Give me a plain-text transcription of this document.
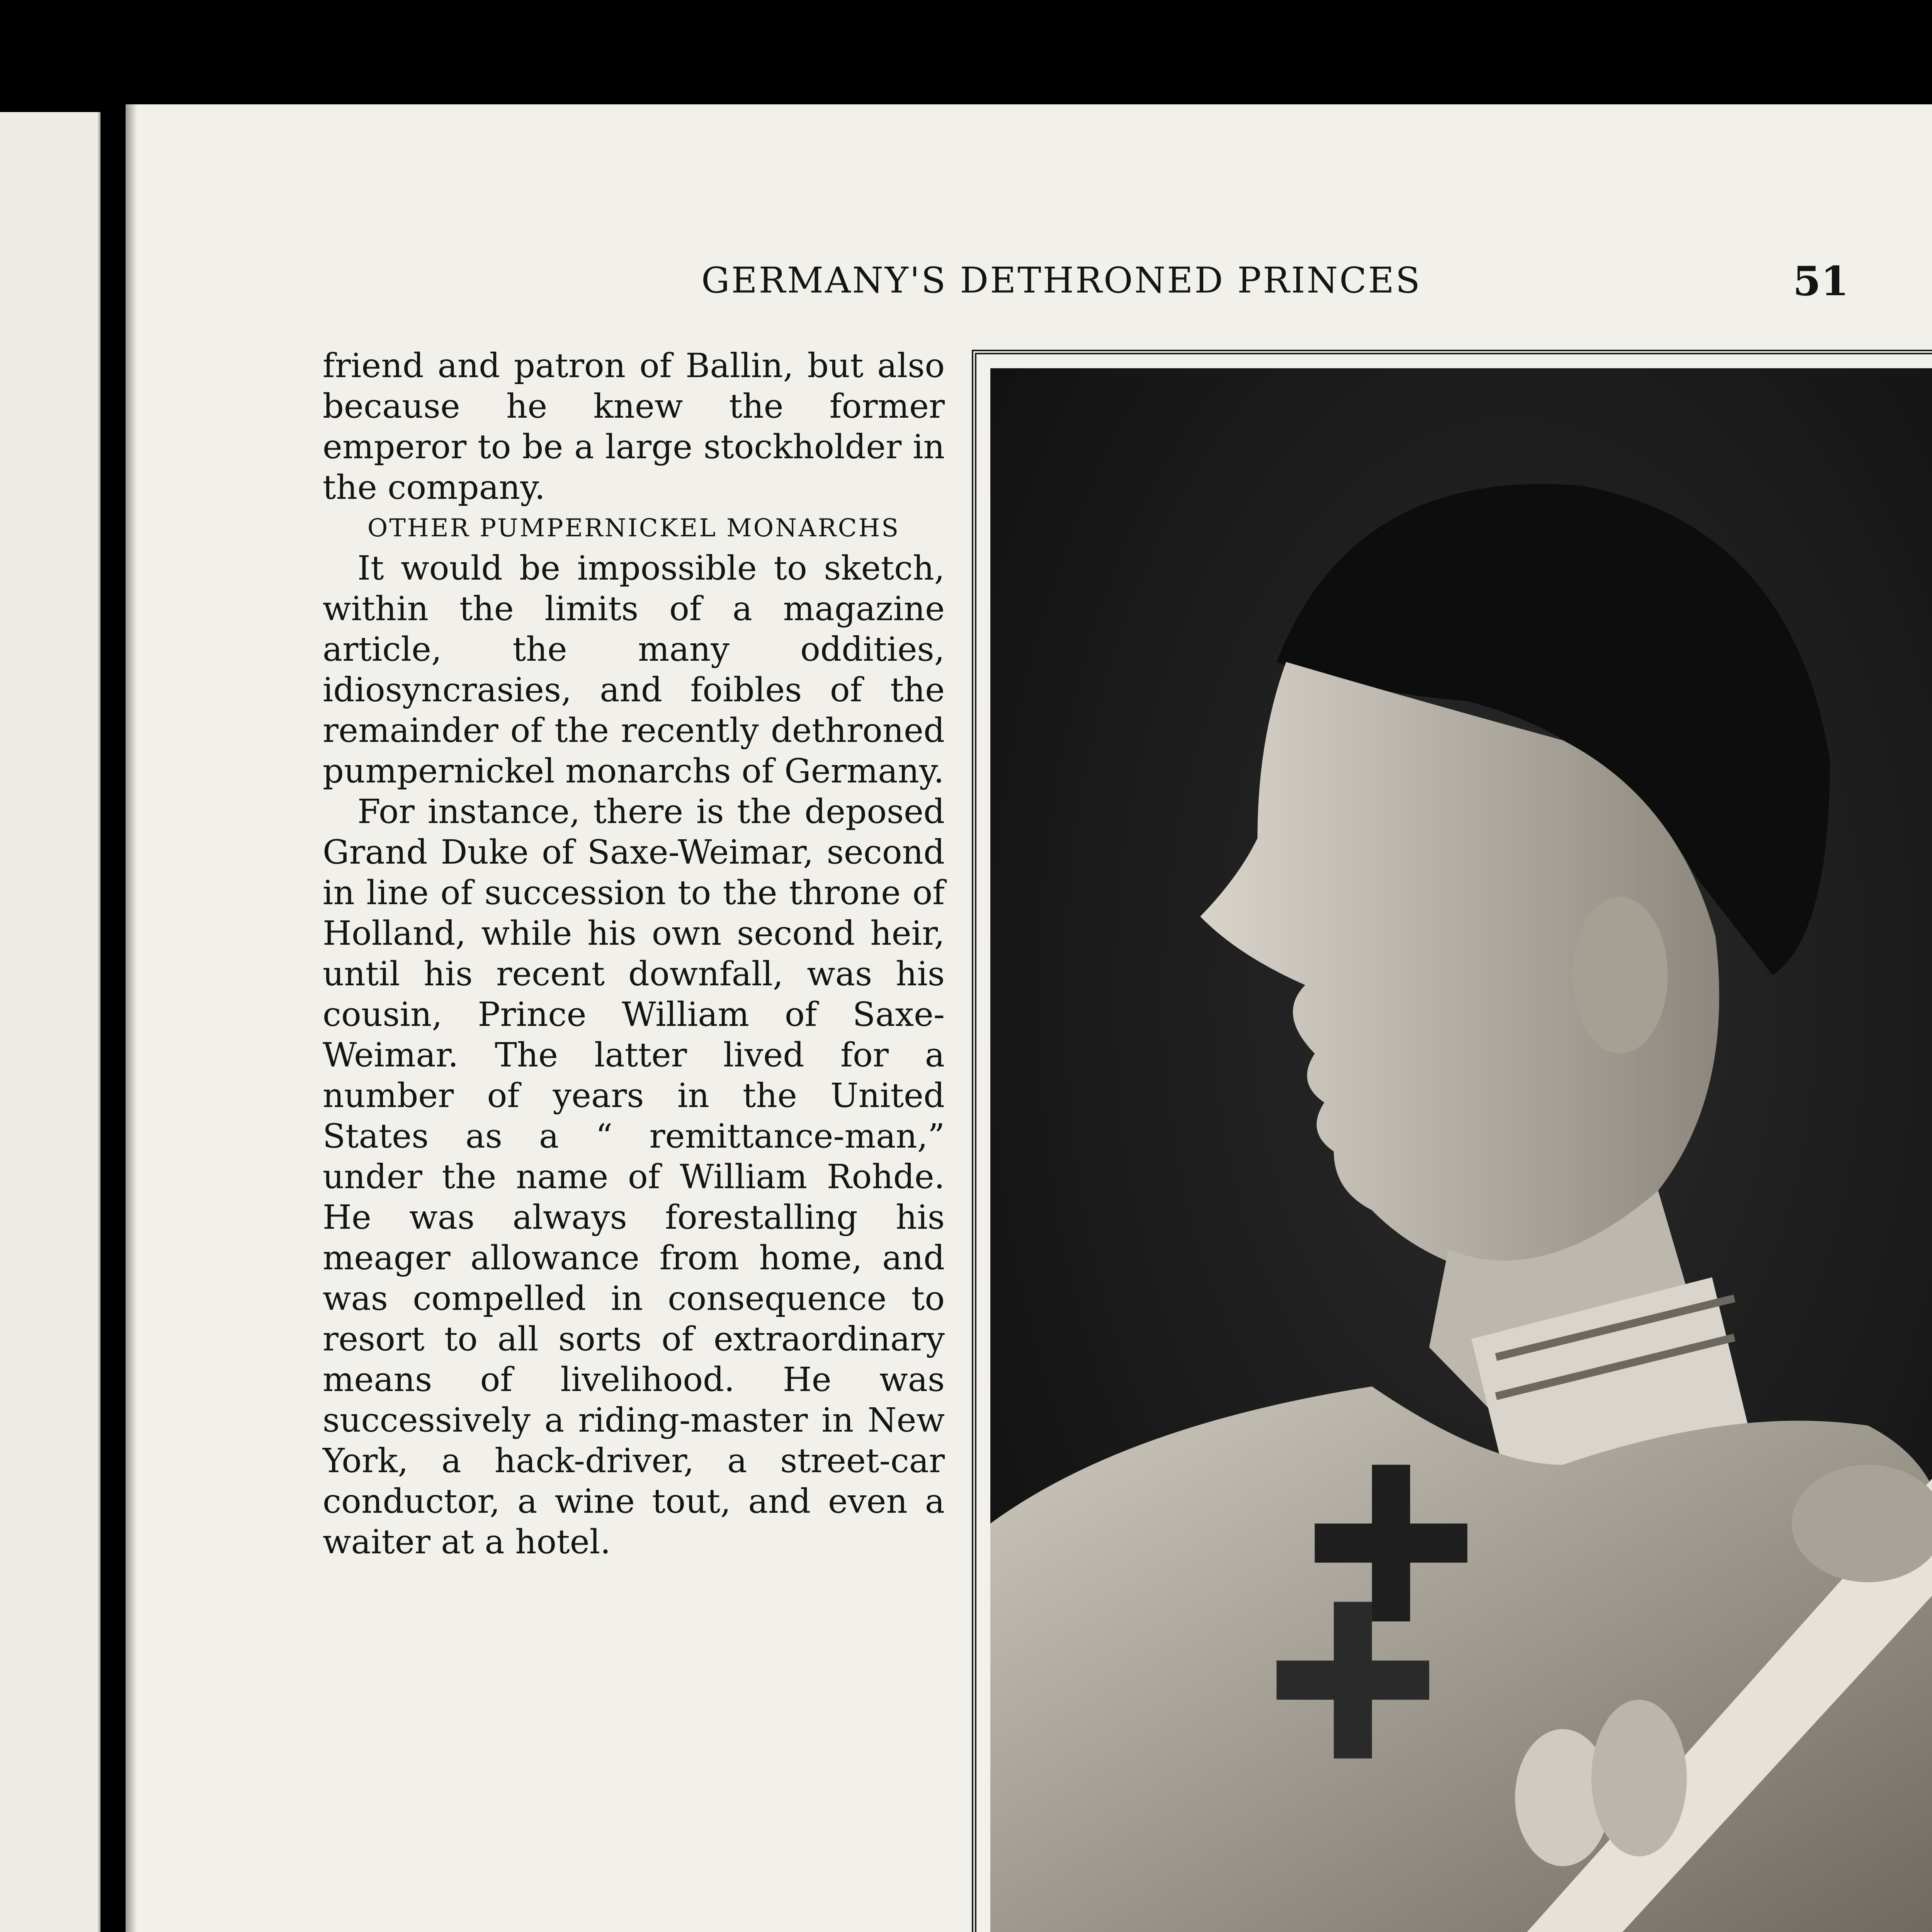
GERMANY'S DETHRONED PRINCES	51

friend and patron of Ballin, but also because he knew the former emperor to be a large stockholder in the company.

OTHER PUMPERNICKEL MONARCHS

It would be impossible to sketch, within the limits of a magazine article, the many oddities, idiosyncrasies, and foibles of the remainder of the recently dethroned pumpernickel monarchs of Germany.

For instance, there is the deposed Grand Duke of Saxe-Weimar, second in line of succession to the throne of Holland, while his own second heir, until his recent downfall, was his cousin, Prince William of Saxe-Weimar. The latter lived for a number of years in the United States as a “ remittance-man,” under the name of William Rohde. He was always forestalling his meager allowance from home, and was compelled in consequence to resort to all sorts of extraordinary means of livelihood. He was successively a riding-master in New York, a hack-driver, a street-car conductor, a wine tout, and even a waiter at a hotel.
